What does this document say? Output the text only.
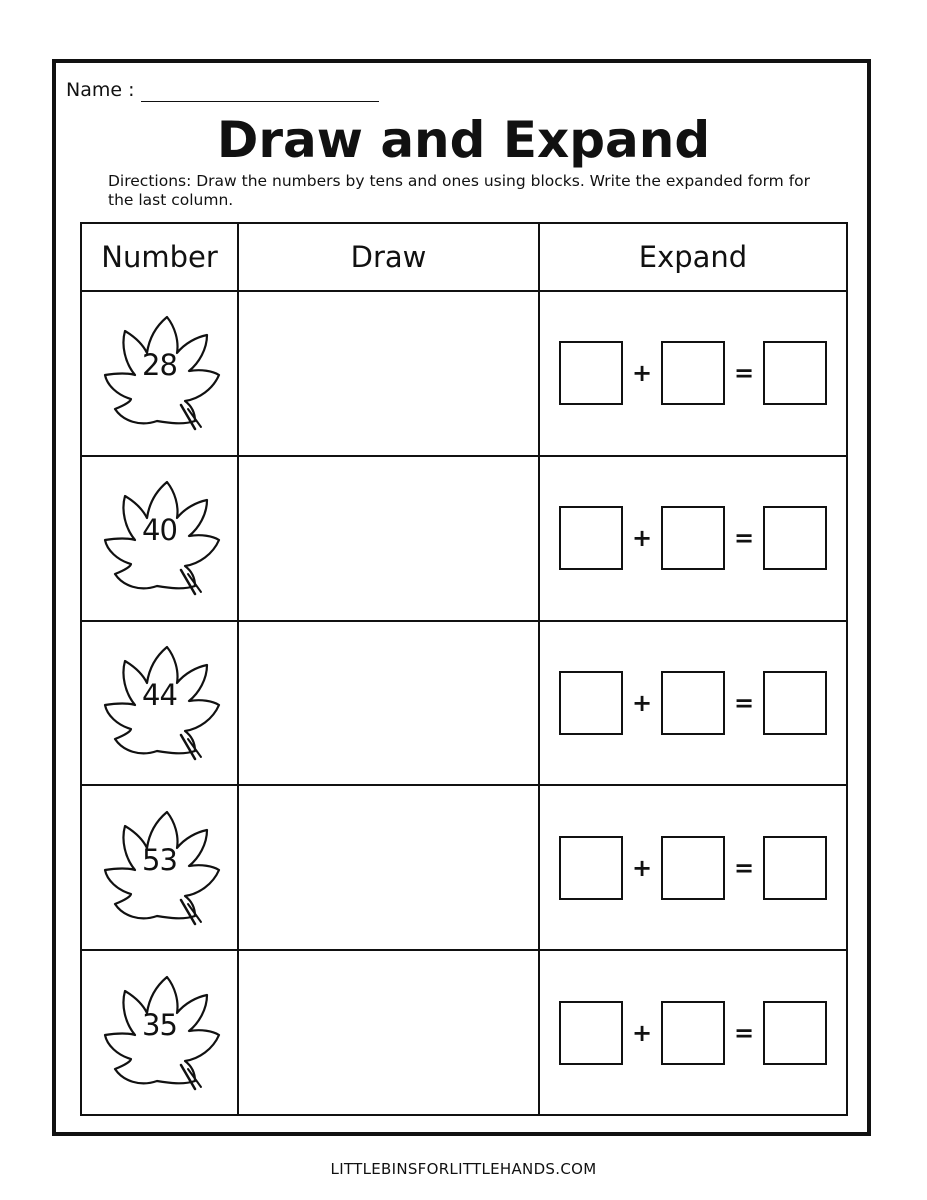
Name :
Draw and Expand
Directions: Draw the numbers by tens and ones using blocks. Write the expanded form for the last column.
Number	Draw	Expand

28		+ =

40		+ =

44		+ =

53		+ =

35		+ =
LITTLEBINSFORLITTLEHANDS.COM
